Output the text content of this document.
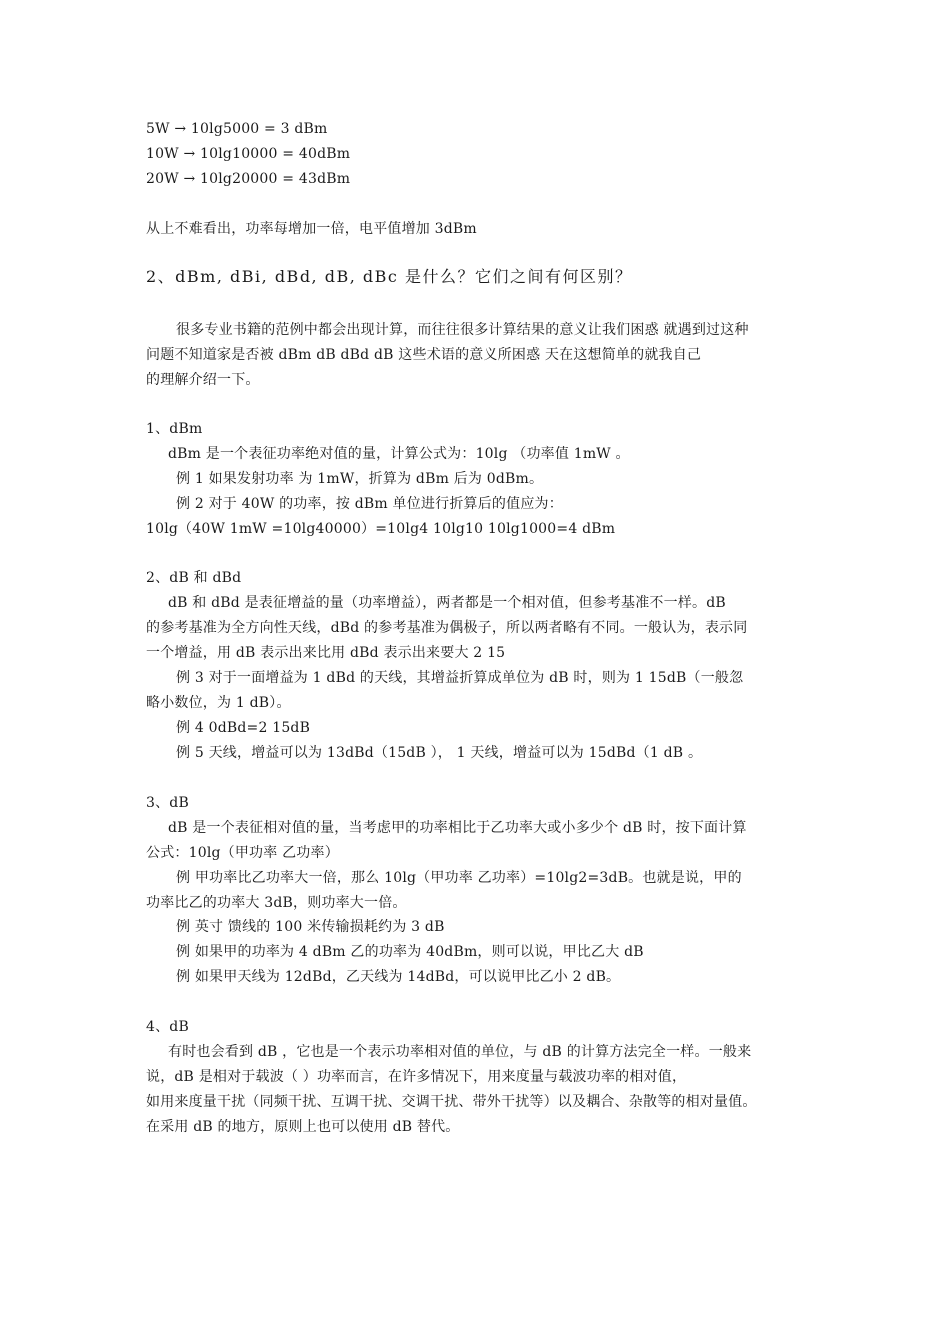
5W → 10lg5000 = 3 dBm
10W → 10lg10000 = 40dBm
20W → 10lg20000 = 43dBm
从上不难看出，功率每增加一倍，电平值增加 3dBm
2、dBm, dBi, dBd, dB, dBc 是什么？它们之间有何区别？
很多专业书籍的范例中都会出现计算，而往往很多计算结果的意义让我们困惑 就遇到过这种
问题不知道家是否被 dBm dB dBd dB 这些术语的意义所困惑 天在这想简单的就我自己
的理解介绍一下。
1、dBm
dBm 是一个表征功率绝对值的量，计算公式为：10lg （功率值 1mW 。
例 1 如果发射功率 为 1mW，折算为 dBm 后为 0dBm。
例 2 对于 40W 的功率，按 dBm 单位进行折算后的值应为：
10lg（40W 1mW =10lg40000）=10lg4 10lg10 10lg1000=4 dBm
2、dB 和 dBd
dB 和 dBd 是表征增益的量（功率增益），两者都是一个相对值，但参考基准不一样。dB
的参考基准为全方向性天线，dBd 的参考基准为偶极子，所以两者略有不同。一般认为，表示同
一个增益，用 dB 表示出来比用 dBd 表示出来要大 2 15
例 3 对于一面增益为 1 dBd 的天线，其增益折算成单位为 dB 时，则为 1 15dB（一般忽
略小数位，为 1 dB）。
例 4 0dBd=2 15dB
例 5 天线，增益可以为 13dBd（15dB ）， 1 天线，增益可以为 15dBd（1 dB 。
3、dB
dB 是一个表征相对值的量，当考虑甲的功率相比于乙功率大或小多少个 dB 时，按下面计算
公式：10lg（甲功率 乙功率）
例 甲功率比乙功率大一倍，那么 10lg（甲功率 乙功率）=10lg2=3dB。也就是说，甲的
功率比乙的功率大 3dB，则功率大一倍。
例 英寸 馈线的 100 米传输损耗约为 3 dB
例 如果甲的功率为 4 dBm 乙的功率为 40dBm，则可以说，甲比乙大 dB
例 如果甲天线为 12dBd，乙天线为 14dBd，可以说甲比乙小 2 dB。
4、dB
有时也会看到 dB ，它也是一个表示功率相对值的单位，与 dB 的计算方法完全一样。一般来
说，dB 是相对于载波（ ）功率而言，在许多情况下，用来度量与载波功率的相对值，
如用来度量干扰（同频干扰、互调干扰、交调干扰、带外干扰等）以及耦合、杂散等的相对量值。
在采用 dB 的地方，原则上也可以使用 dB 替代。
